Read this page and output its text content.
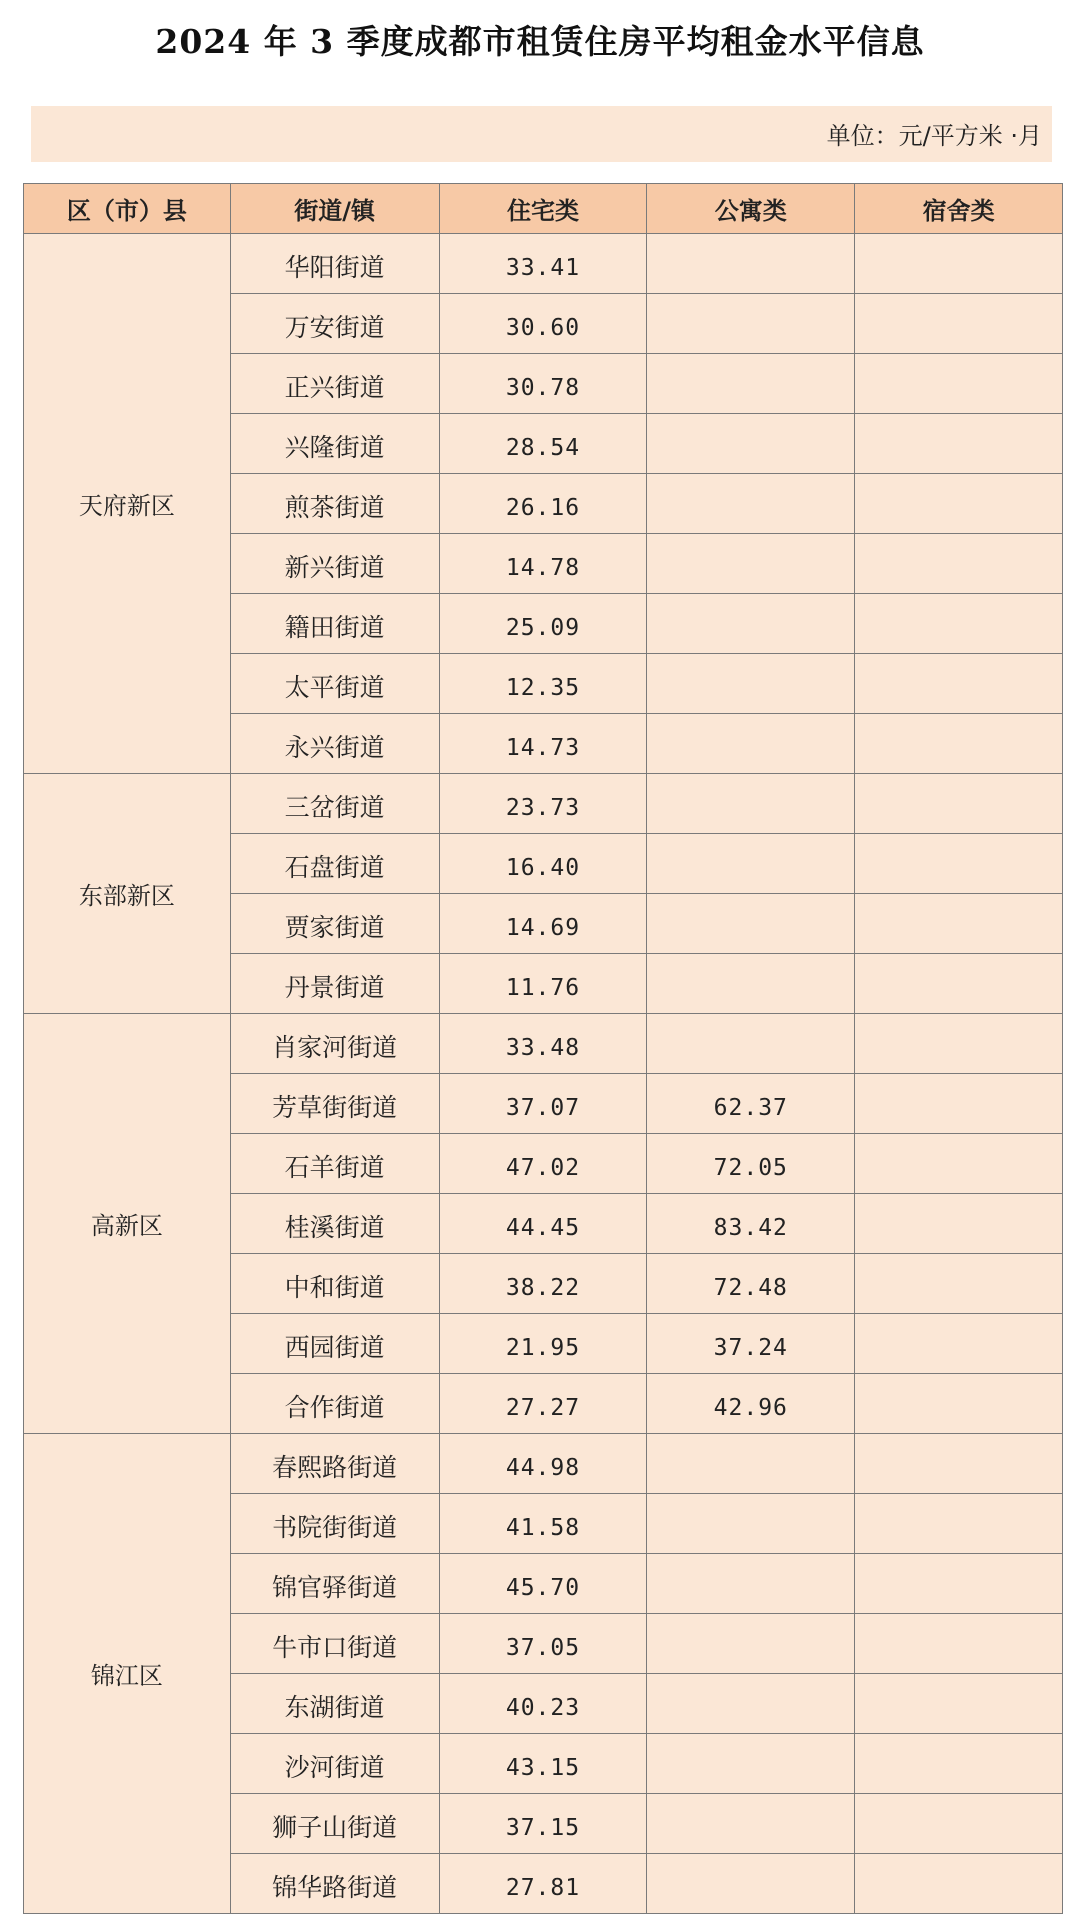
2024 年 3 季度成都市租赁住房平均租金水平信息
单位：元/平方米 ·月
区（市）县	街道/镇	住宅类	公寓类	宿舍类
天府新区	华阳街道	33.41		
	万安街道	30.60		
	正兴街道	30.78		
	兴隆街道	28.54		
	煎茶街道	26.16		
	新兴街道	14.78		
	籍田街道	25.09		
	太平街道	12.35		
	永兴街道	14.73		
东部新区	三岔街道	23.73		
	石盘街道	16.40		
	贾家街道	14.69		
	丹景街道	11.76		
高新区	肖家河街道	33.48		
	芳草街街道	37.07	62.37	
	石羊街道	47.02	72.05	
	桂溪街道	44.45	83.42	
	中和街道	38.22	72.48	
	西园街道	21.95	37.24	
	合作街道	27.27	42.96	
锦江区	春熙路街道	44.98		
	书院街街道	41.58		
	锦官驿街道	45.70		
	牛市口街道	37.05		
	东湖街道	40.23		
	沙河街道	43.15		
	狮子山街道	37.15		
	锦华路街道	27.81		
